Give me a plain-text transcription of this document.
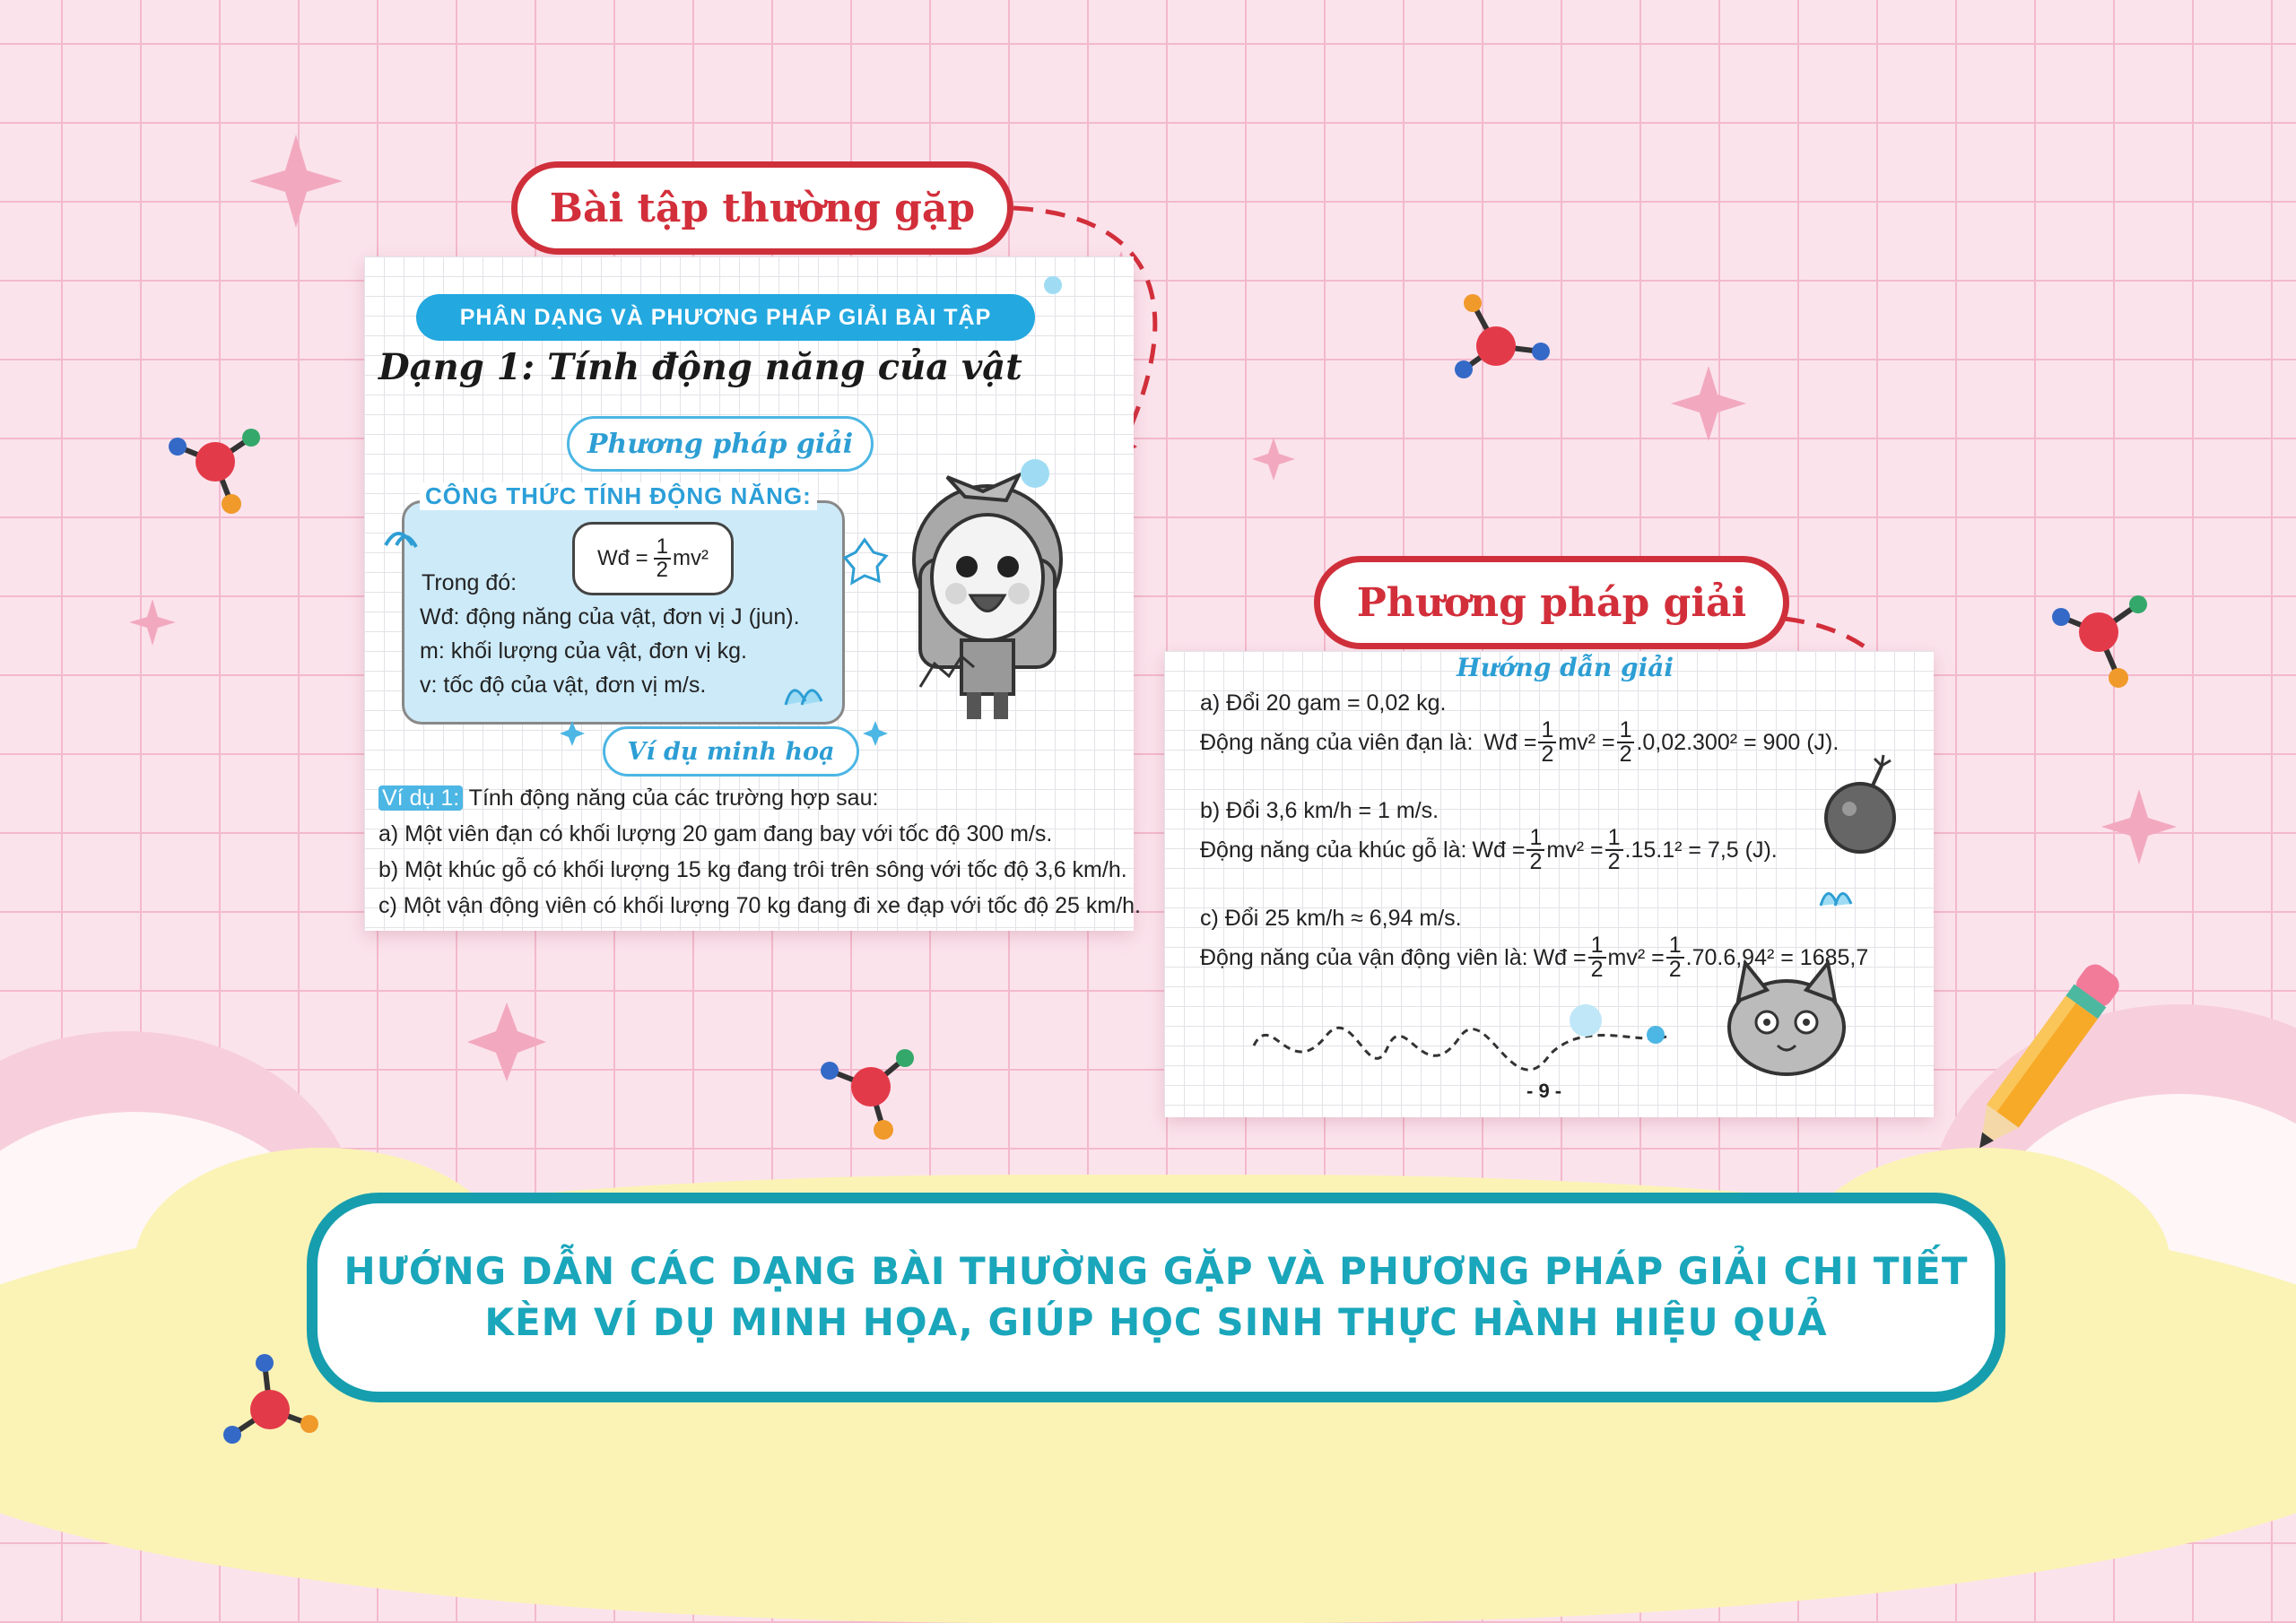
Bài tập thường gặp
Phương pháp giải
PHÂN DẠNG VÀ PHƯƠNG PHÁP GIẢI BÀI TẬP
Dạng 1: Tính động năng của vật
Phương pháp giải
CÔNG THỨC TÍNH ĐỘNG NĂNG:
Wđ = $\frac{1}{2} mv^2$
Trong đó:
Wđ: động năng của vật, đơn vị J (jun).
m: khối lượng của vật, đơn vị kg.
v: tốc độ của vật, đơn vị m/s.
Ví dụ minh hoạ
Ví dụ 1: Tính động năng của các trường hợp sau:
a) Một viên đạn có khối lượng 20 gam đang bay với tốc độ 300 m/s.
b) Một khúc gỗ có khối lượng 15 kg đang trôi trên sông với tốc độ 3,6 km/h.
c) Một vận động viên có khối lượng 70 kg đang đi xe đạp với tốc độ 25 km/h.
Hướng dẫn giải
a) Đổi 20 gam = 0,02 kg.
Động năng của viên đạn là: Wđ = $\frac{1}{2} mv^2 = \frac{1}{2} .0,02.300^2 = 900$ (J).
b) Đổi 3,6 km/h = 1 m/s.
Động năng của khúc gỗ là: Wđ = $\frac{1}{2} mv^2 = \frac{1}{2} .15.1^2 = 7,5$ (J).
c) Đổi 25 km/h ≈ 6,94 m/s.
Động năng của vận động viên là: Wđ = $\frac{1}{2} mv^2 = \frac{1}{2} .70.6,94^2 = 1685,7$
- 9 -
HƯỚNG DẪN CÁC DẠNG BÀI THƯỜNG GẶP VÀ PHƯƠNG PHÁP GIẢI CHI TIẾT
KÈM VÍ DỤ MINH HỌA, GIÚP HỌC SINH THỰC HÀNH HIỆU QUẢ
